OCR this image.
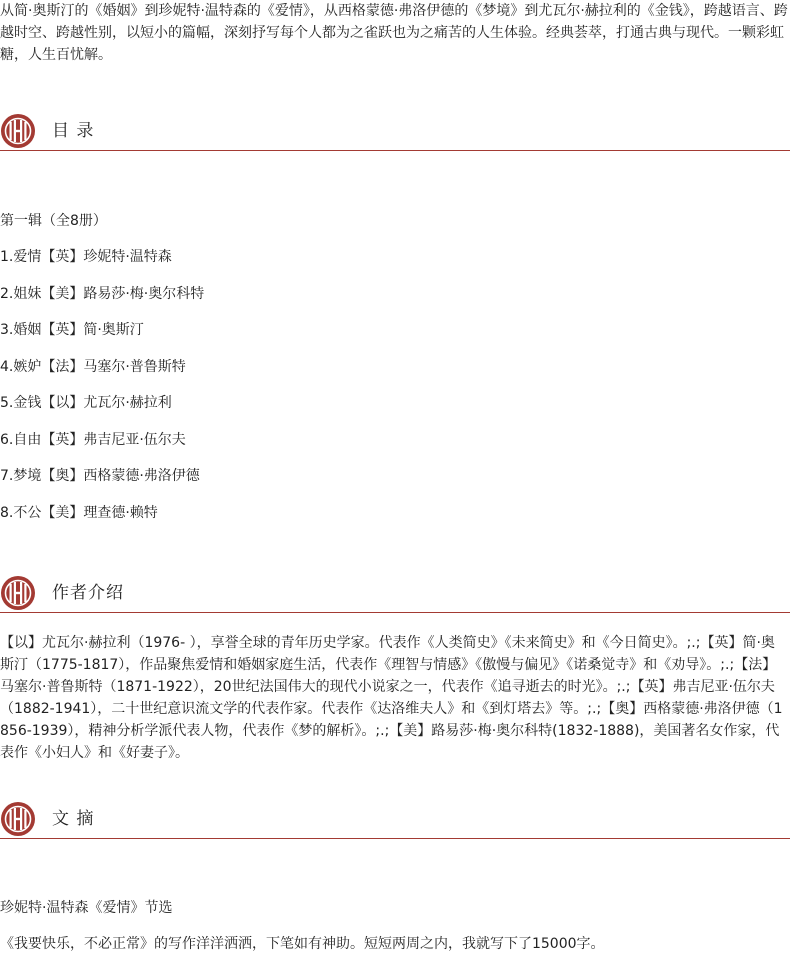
从简·奥斯汀的《婚姻》到珍妮特·温特森的《爱情》，从西格蒙德·弗洛伊德的《梦境》到尤瓦尔·赫拉利的《金钱》，跨越语言、跨越时空、跨越性别，以短小的篇幅，深刻抒写每个人都为之雀跃也为之痛苦的人生体验。经典荟萃，打通古典与现代。一颗彩虹糖，人生百忧解。

目 录
第一辑（全8册）
1.爱情【英】珍妮特·温特森
2.姐妹【美】路易莎·梅·奥尔科特
3.婚姻【英】简·奥斯汀
4.嫉妒【法】马塞尔·普鲁斯特
5.金钱【以】尤瓦尔·赫拉利
6.自由【英】弗吉尼亚·伍尔夫
7.梦境【奥】西格蒙德·弗洛伊德
8.不公【美】理查德·赖特
作者介绍

【以】尤瓦尔·赫拉利（1976- ），享誉全球的青年历史学家。代表作《人类简史》《未来简史》和《今日简史》。;.;【英】简·奥斯汀（1775-1817），作品聚焦爱情和婚姻家庭生活，代表作《理智与情感》《傲慢与偏见》《诺桑觉寺》和《劝导》。;.;【法】马塞尔·普鲁斯特（1871-1922），20世纪法国伟大的现代小说家之一，代表作《追寻逝去的时光》。;.;【英】弗吉尼亚·伍尔夫（1882-1941），二十世纪意识流文学的代表作家。代表作《达洛维夫人》和《到灯塔去》等。;.;【奥】西格蒙德·弗洛伊德（1856-1939），精神分析学派代表人物，代表作《梦的解析》。;.;【美】路易莎·梅·奥尔科特(1832-1888)，美国著名女作家，代表作《小妇人》和《好妻子》。

文 摘
珍妮特·温特森《爱情》节选
《我要快乐，不必正常》的写作洋洋洒洒，下笔如有神助。短短两周之内，我就写下了15000字。
